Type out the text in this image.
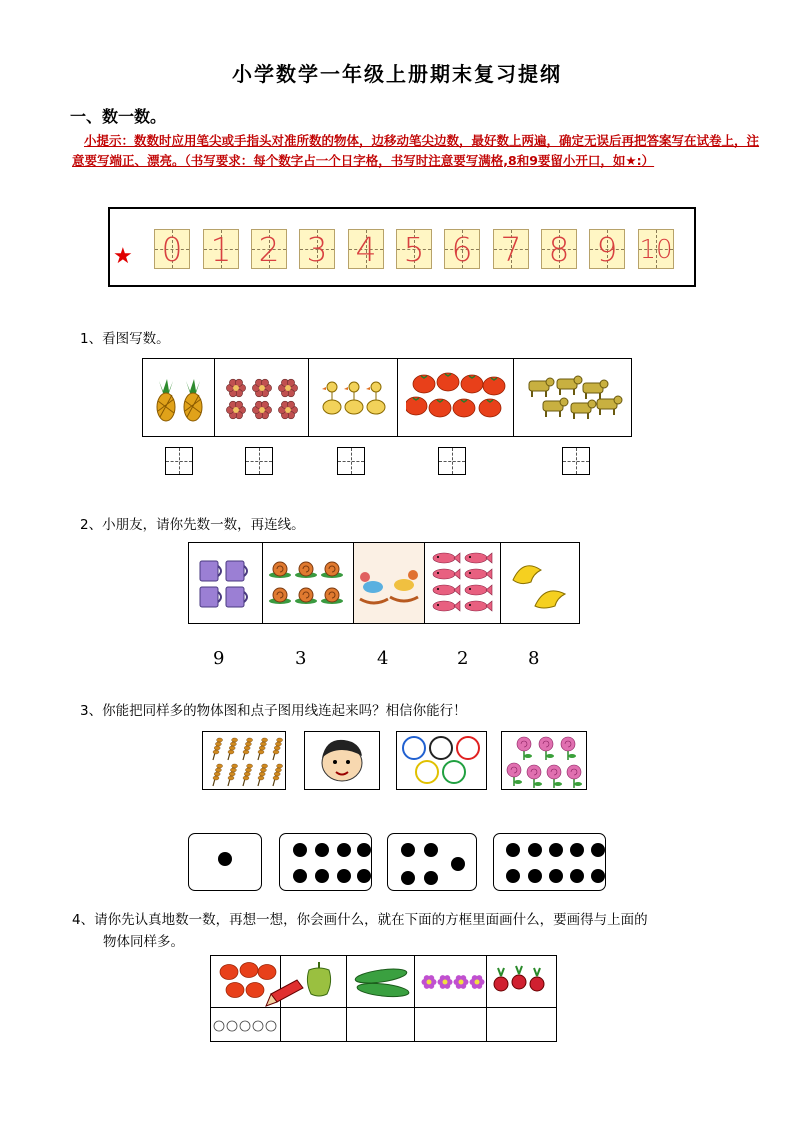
小学数学一年级上册期末复习提纲
一、数一数。
小提示：数数时应用笔尖或手指头对准所数的物体，边移动笔尖边数，最好数上两遍，确定无误后再把答案写在试卷上，注意要写端正、漂亮。（书写要求：每个数字占一个日字格，书写时注意要写满格,8和9要留小开口，如★:）
★ 0 1 2 3 4 5 6 7 8 9 10
1、看图写数。
2、小朋友，请你先数一数，再连线。
9	3	4	2	8
3、你能把同样多的物体图和点子图用线连起来吗？相信你能行！
4、请你先认真地数一数，再想一想，你会画什么，就在下面的方框里面画什么，要画得与上面的
物体同样多。
